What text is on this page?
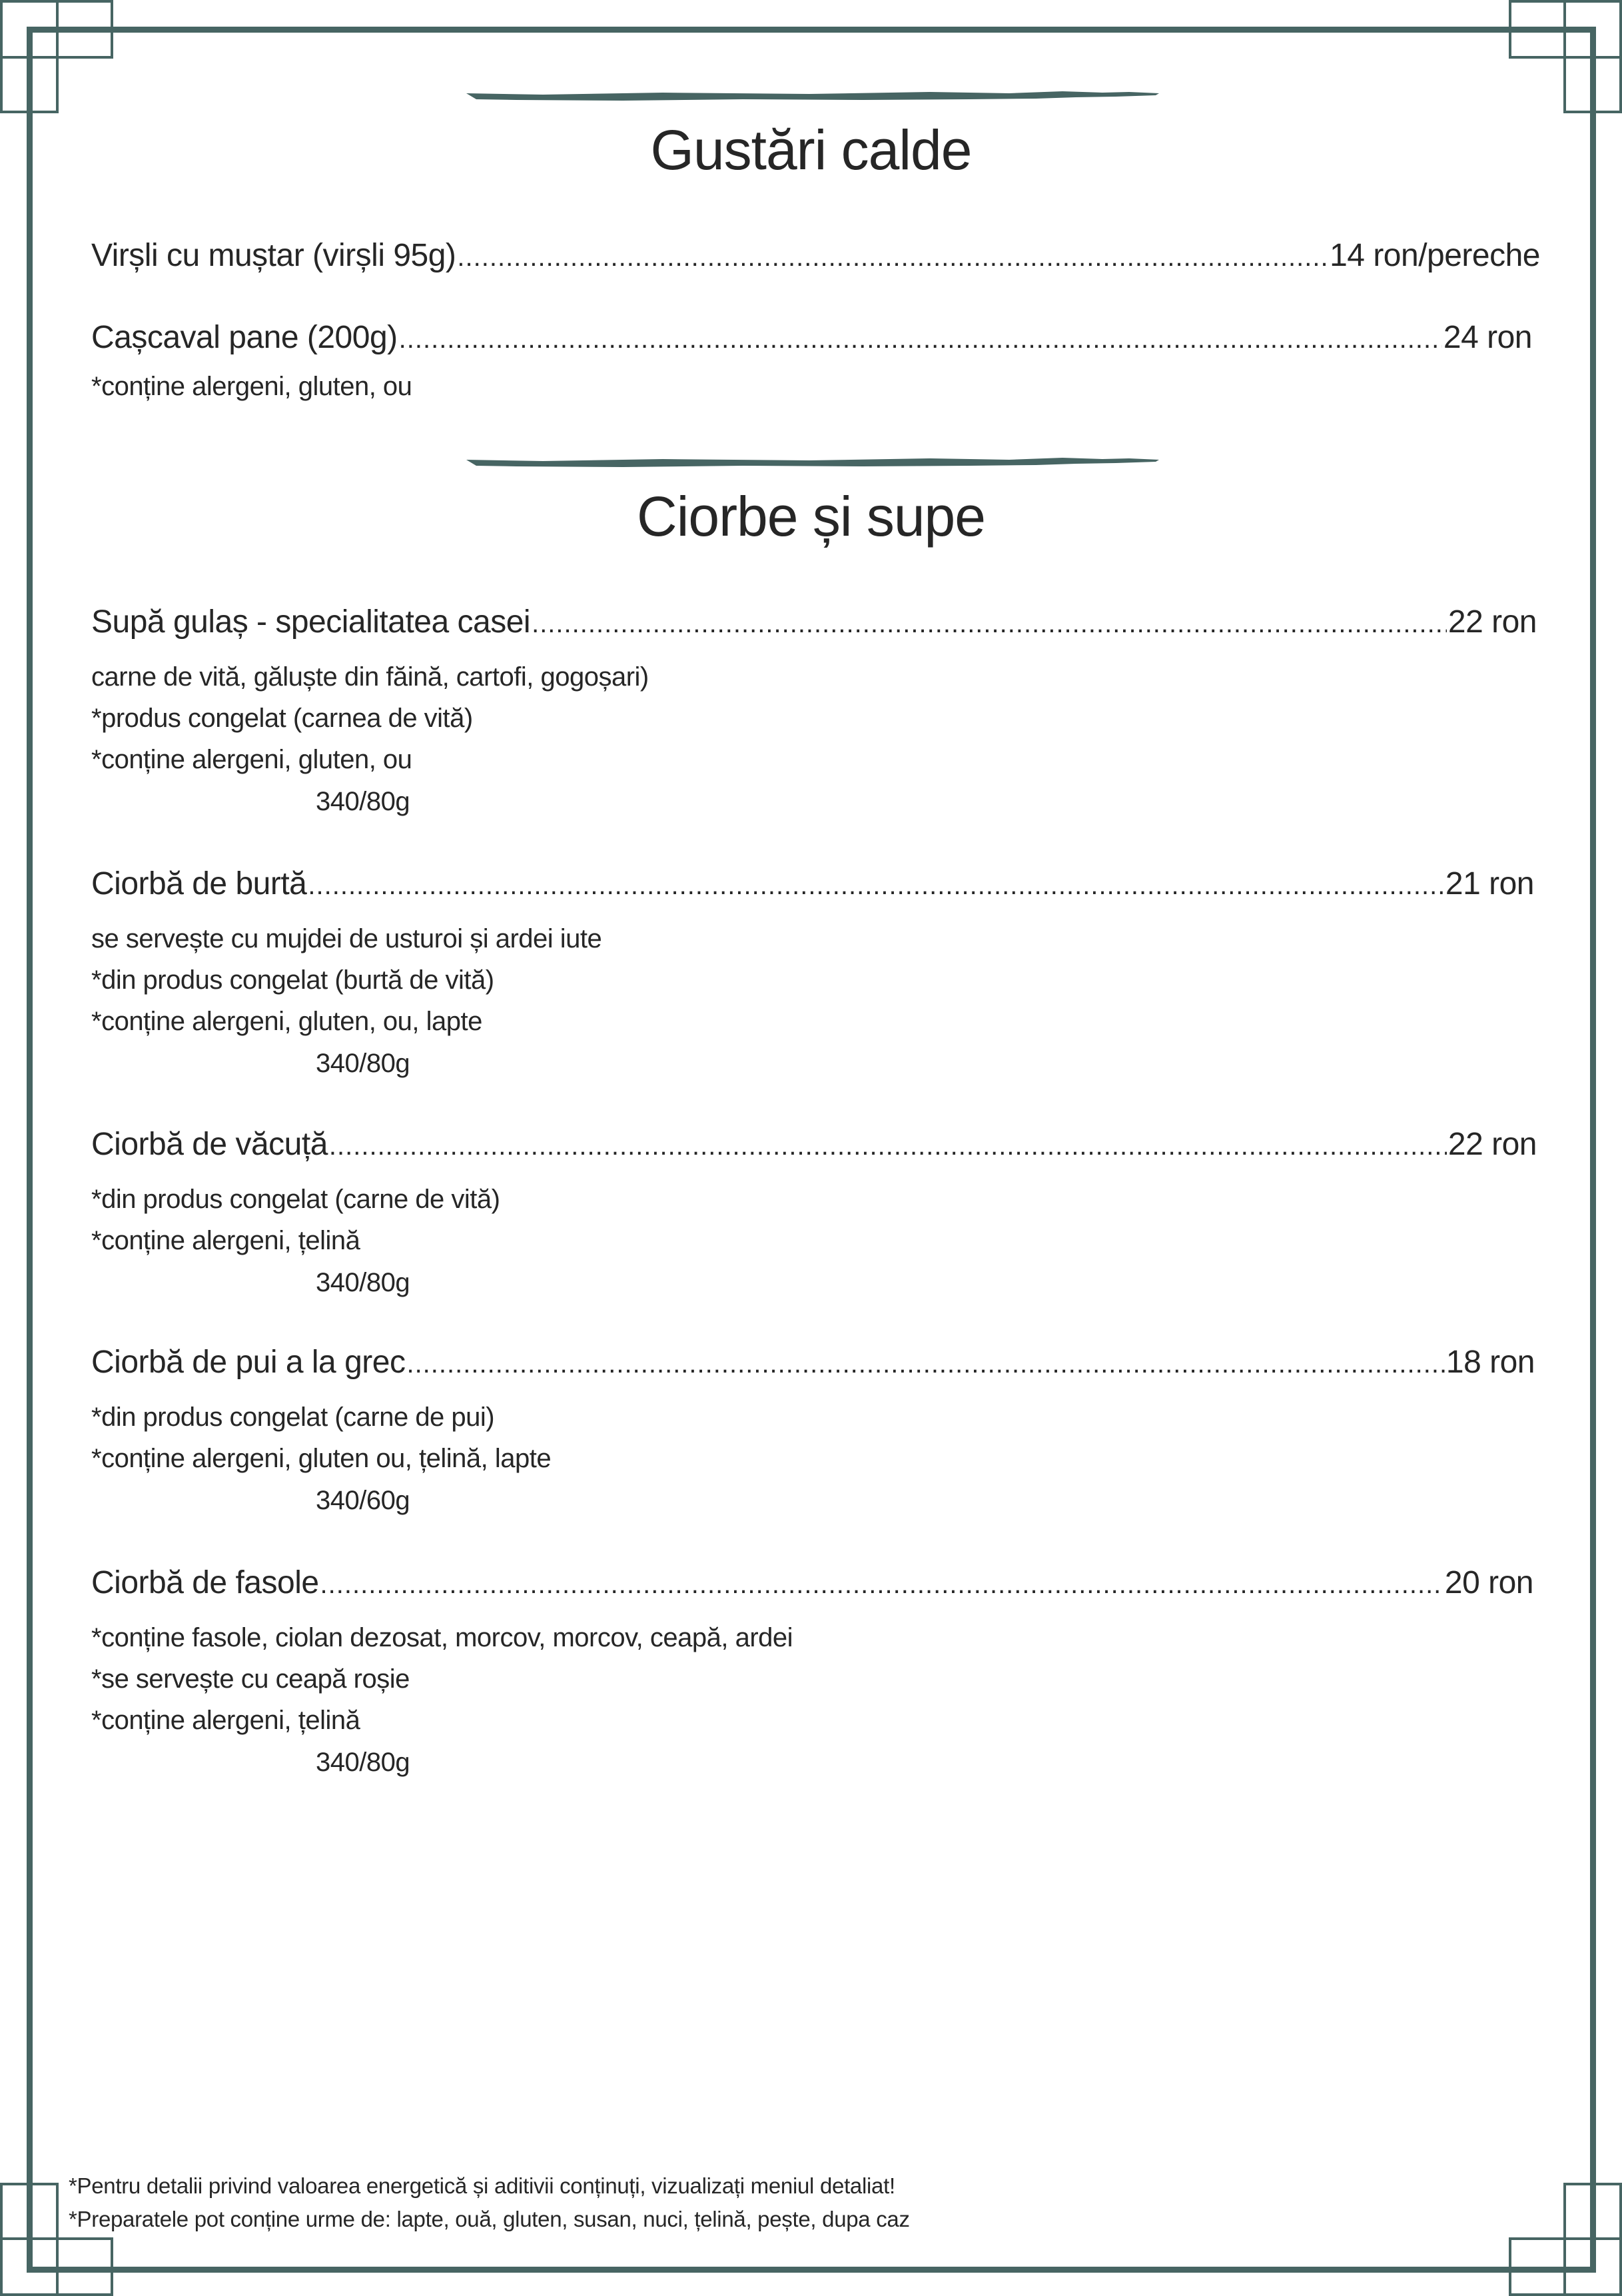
Gustări calde
Virșli cu muștar (virșli 95g) .....	14 ron/pereche
Cașcaval pane (200g) .....	24 ron
*conține alergeni, gluten, ou
Ciorbe și supe
Supă gulaș - specialitatea casei .....	22 ron
carne de vită, găluște din făină, cartofi, gogoșari)
*produs congelat (carnea de vită)
*conține alergeni, gluten, ou
340/80g
Ciorbă de burtă .....	21 ron
se servește cu mujdei de usturoi și ardei iute
*din produs congelat (burtă de vită)
*conține alergeni, gluten, ou, lapte
340/80g
Ciorbă de văcuță .....	22 ron
*din produs congelat (carne de vită)
*conține alergeni, țelină
340/80g
Ciorbă de pui a la grec .....	18 ron
*din produs congelat (carne de pui)
*conține alergeni, gluten ou, țelină, lapte
340/60g
Ciorbă de fasole .....	20 ron
*conține fasole, ciolan dezosat, morcov, morcov, ceapă, ardei
*se servește cu ceapă roșie
*conține alergeni, țelină
340/80g
*Pentru detalii privind valoarea energetică și aditivii conținuți, vizualizați meniul detaliat!
*Preparatele pot conține urme de: lapte, ouă, gluten, susan, nuci, țelină, pește, dupa caz
